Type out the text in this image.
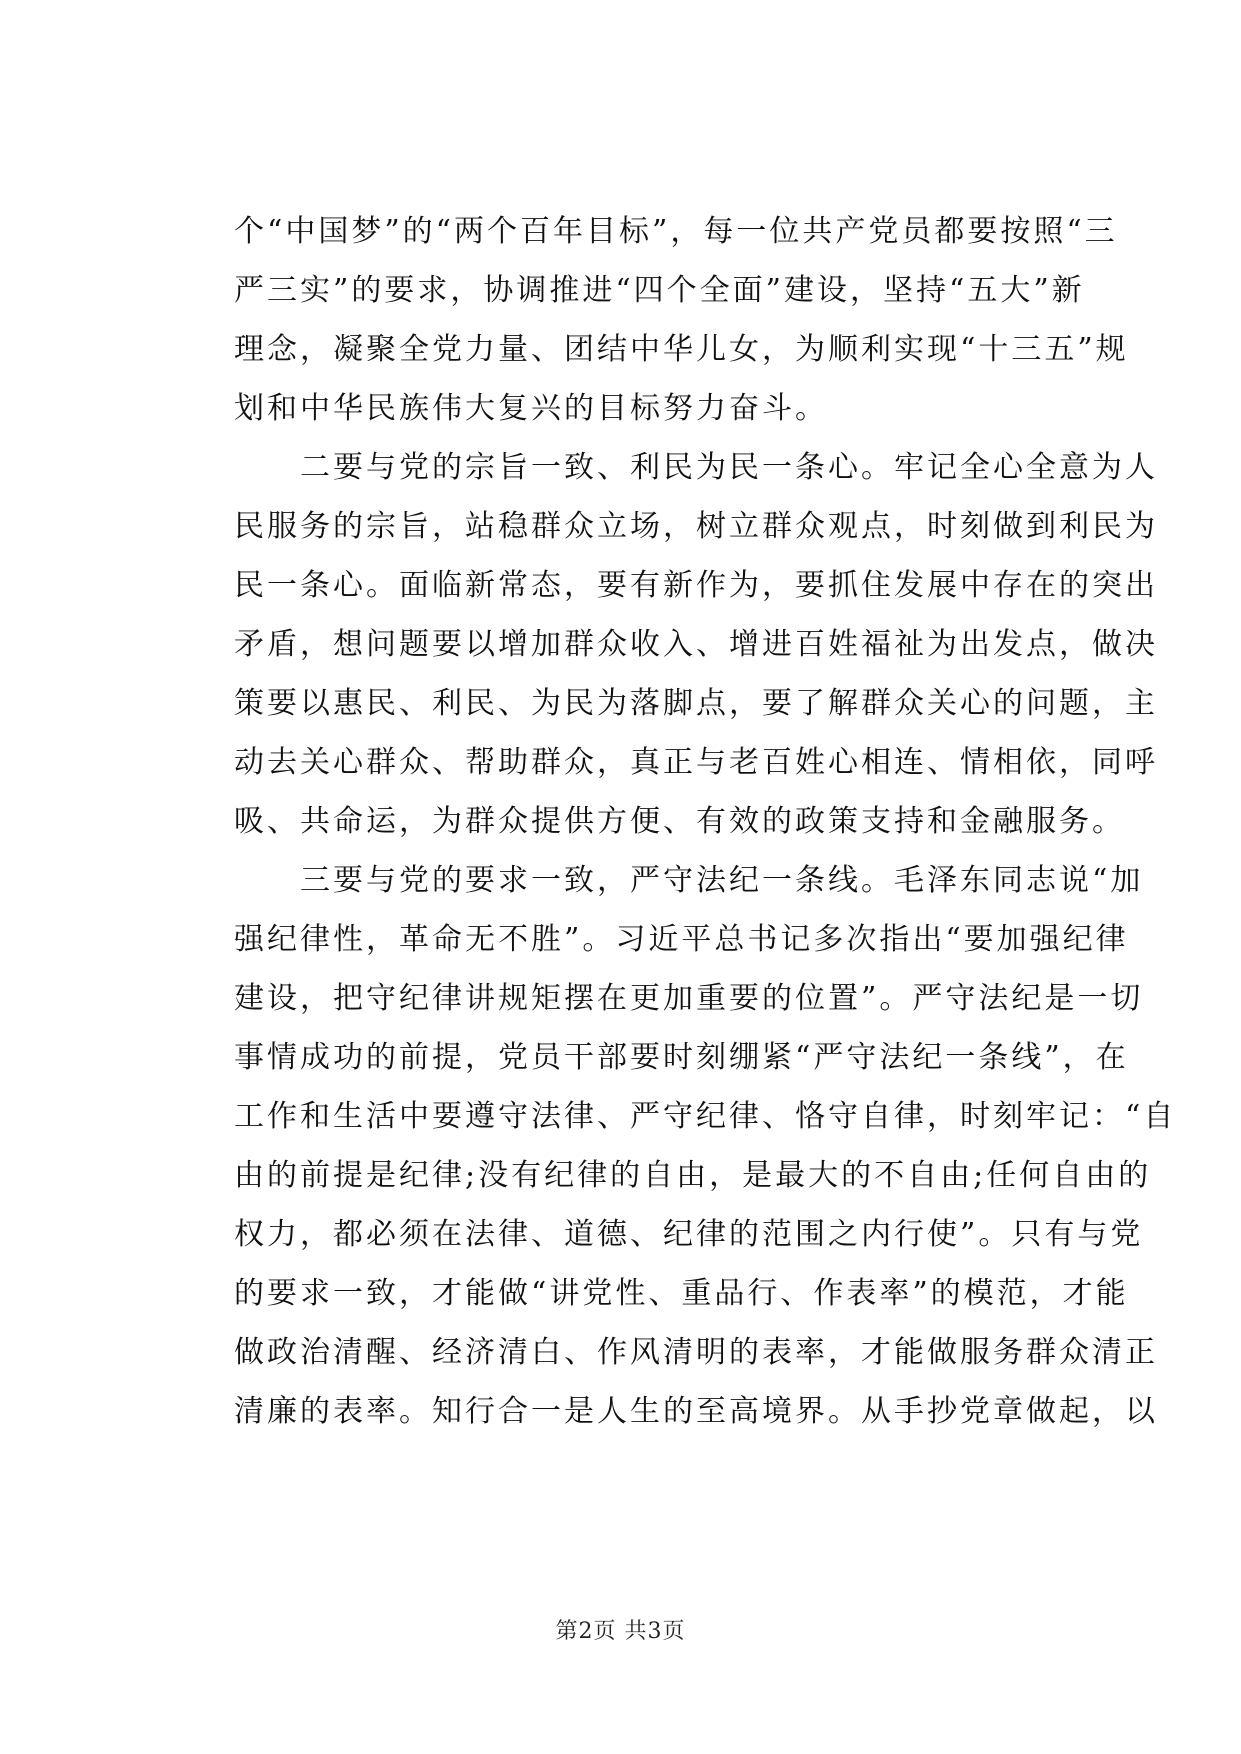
个“中国梦”的“两个百年目标”，每一位共产党员都要按照“三
严三实”的要求，协调推进“四个全面”建设，坚持“五大”新
理念，凝聚全党力量、团结中华儿女，为顺利实现“十三五”规
划和中华民族伟大复兴的目标努力奋斗。
　　二要与党的宗旨一致、利民为民一条心。牢记全心全意为人
民服务的宗旨，站稳群众立场，树立群众观点，时刻做到利民为
民一条心。面临新常态，要有新作为，要抓住发展中存在的突出
矛盾，想问题要以增加群众收入、增进百姓福祉为出发点，做决
策要以惠民、利民、为民为落脚点，要了解群众关心的问题，主
动去关心群众、帮助群众，真正与老百姓心相连、情相依，同呼
吸、共命运，为群众提供方便、有效的政策支持和金融服务。
　　三要与党的要求一致，严守法纪一条线。毛泽东同志说“加
强纪律性，革命无不胜”。习近平总书记多次指出“要加强纪律
建设，把守纪律讲规矩摆在更加重要的位置”。严守法纪是一切
事情成功的前提，党员干部要时刻绷紧“严守法纪一条线”，在
工作和生活中要遵守法律、严守纪律、恪守自律，时刻牢记：“自
由的前提是纪律;没有纪律的自由，是最大的不自由;任何自由的
权力，都必须在法律、道德、纪律的范围之内行使”。只有与党
的要求一致，才能做“讲党性、重品行、作表率”的模范，才能
做政治清醒、经济清白、作风清明的表率，才能做服务群众清正
清廉的表率。知行合一是人生的至高境界。从手抄党章做起，以
第2页 共3页
